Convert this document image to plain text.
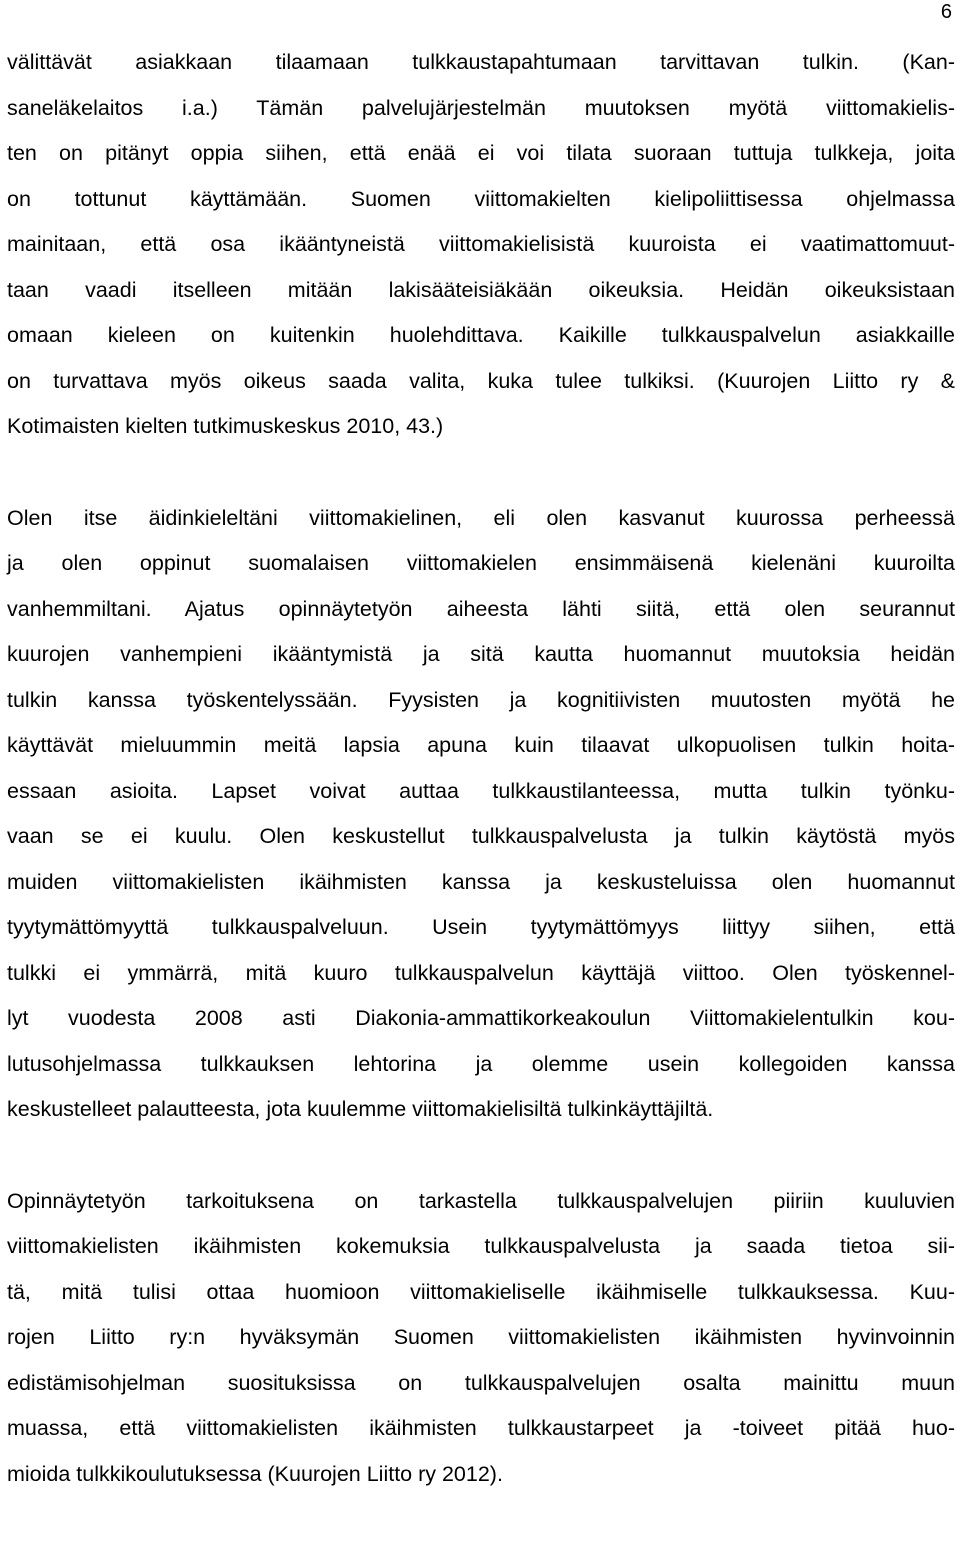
6
välittävät asiakkaan tilaamaan tulkkaustapahtumaan tarvittavan tulkin. (Kan-
saneläkelaitos i.a.) Tämän palvelujärjestelmän muutoksen myötä viittomakielis-
ten on pitänyt oppia siihen, että enää ei voi tilata suoraan tuttuja tulkkeja, joita
on tottunut käyttämään. Suomen viittomakielten kielipoliittisessa ohjelmassa
mainitaan, että osa ikääntyneistä viittomakielisistä kuuroista ei vaatimattomuut-
taan vaadi itselleen mitään lakisääteisiäkään oikeuksia. Heidän oikeuksistaan
omaan kieleen on kuitenkin huolehdittava. Kaikille tulkkauspalvelun asiakkaille
on turvattava myös oikeus saada valita, kuka tulee tulkiksi. (Kuurojen Liitto ry &
Kotimaisten kielten tutkimuskeskus 2010, 43.)
Olen itse äidinkieleltäni viittomakielinen, eli olen kasvanut kuurossa perheessä
ja olen oppinut suomalaisen viittomakielen ensimmäisenä kielenäni kuuroilta
vanhemmiltani. Ajatus opinnäytetyön aiheesta lähti siitä, että olen seurannut
kuurojen vanhempieni ikääntymistä ja sitä kautta huomannut muutoksia heidän
tulkin kanssa työskentelyssään. Fyysisten ja kognitiivisten muutosten myötä he
käyttävät mieluummin meitä lapsia apuna kuin tilaavat ulkopuolisen tulkin hoita-
essaan asioita. Lapset voivat auttaa tulkkaustilanteessa, mutta tulkin työnku-
vaan se ei kuulu. Olen keskustellut tulkkauspalvelusta ja tulkin käytöstä myös
muiden viittomakielisten ikäihmisten kanssa ja keskusteluissa olen huomannut
tyytymättömyyttä tulkkauspalveluun. Usein tyytymättömyys liittyy siihen, että
tulkki ei ymmärrä, mitä kuuro tulkkauspalvelun käyttäjä viittoo. Olen työskennel-
lyt vuodesta 2008 asti Diakonia-ammattikorkeakoulun Viittomakielentulkin kou-
lutusohjelmassa tulkkauksen lehtorina ja olemme usein kollegoiden kanssa
keskustelleet palautteesta, jota kuulemme viittomakielisiltä tulkinkäyttäjiltä.
Opinnäytetyön tarkoituksena on tarkastella tulkkauspalvelujen piiriin kuuluvien
viittomakielisten ikäihmisten kokemuksia tulkkauspalvelusta ja saada tietoa sii-
tä, mitä tulisi ottaa huomioon viittomakieliselle ikäihmiselle tulkkauksessa. Kuu-
rojen Liitto ry:n hyväksymän Suomen viittomakielisten ikäihmisten hyvinvoinnin
edistämisohjelman suosituksissa on tulkkauspalvelujen osalta mainittu muun
muassa, että viittomakielisten ikäihmisten tulkkaustarpeet ja -toiveet pitää huo-
mioida tulkkikoulutuksessa (Kuurojen Liitto ry 2012).
